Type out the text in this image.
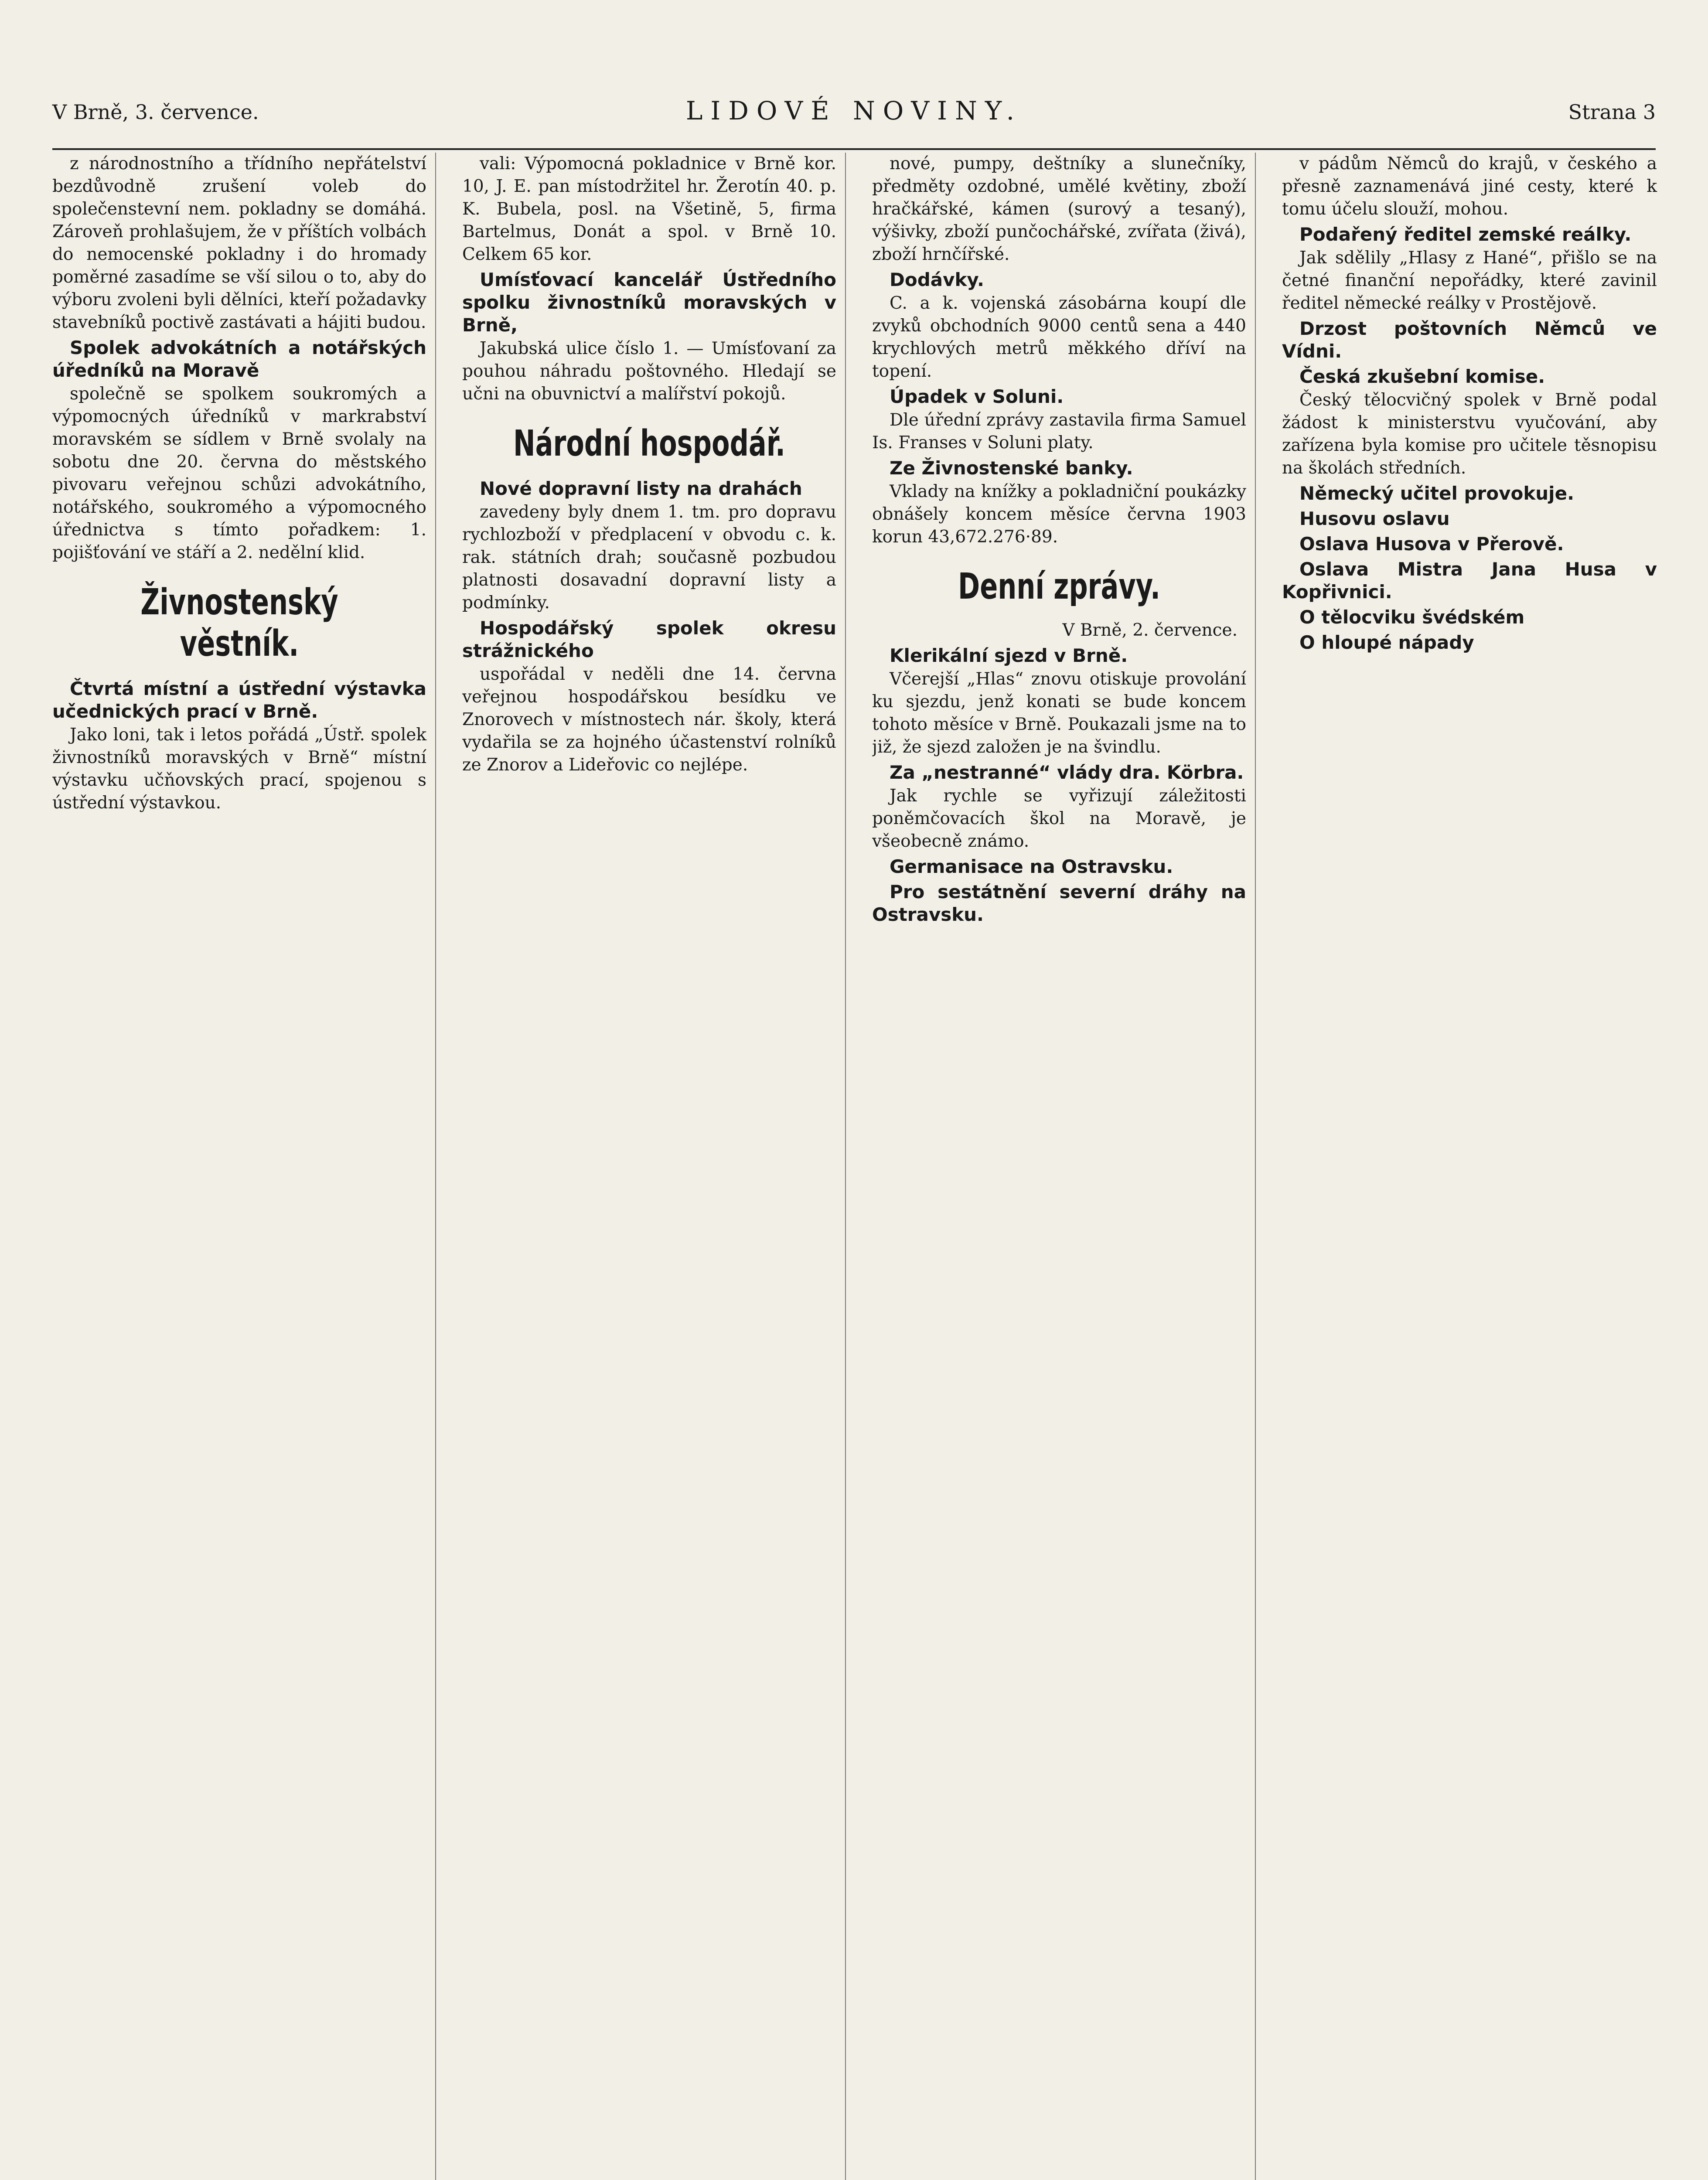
V Brně, 3. července.	LIDOVÉ NOVINY.	Strana 3

z národnostního a třídního nepřátelství bezdůvodně zrušení voleb do společenstevní nem. pokladny se domáhá. Zároveň prohlašujem, že v příštích volbách do nemocenské pokladny i do hromady poměrné zasadíme se vší silou o to, aby do výboru zvoleni byli dělníci, kteří požadavky stavebníků poctivě zastávati a hájiti budou.

Spolek advokátních a notářských úředníků na Moravě

společně se spolkem soukromých a výpomocných úředníků v markrabství moravském se sídlem v Brně svolaly na sobotu dne 20. června do městského pivovaru veřejnou schůzi advokátního, notářského, soukromého a výpomocného úřednictva s tímto pořadkem: 1. pojišťování ve stáří a 2. nedělní klid.

Živnostenský věstník.
Čtvrtá místní a ústřední výstavka učednických prací v Brně.

Jako loni, tak i letos pořádá „Ústř. spolek živnostníků moravských v Brně“ místní výstavku učňovských prací, spojenou s ústřední výstavkou.

vali: Výpomocná pokladnice v Brně kor. 10, J. E. pan místodržitel hr. Žerotín 40. p. K. Bubela, posl. na Všetině, 5, firma Bartelmus, Donát a spol. v Brně 10. Celkem 65 kor.

Umísťovací kancelář Ústředního spolku živnostníků moravských v Brně,

Jakubská ulice číslo 1. — Umísťovaní za pouhou náhradu poštovného. Hledají se učni na obuvnictví a malířství pokojů.

Národní hospodář.
Nové dopravní listy na drahách

zavedeny byly dnem 1. tm. pro dopravu rychlozboží v předplacení v obvodu c. k. rak. státních drah; současně pozbudou platnosti dosavadní dopravní listy a podmínky.

Hospodářský spolek okresu strážnického

uspořádal v neděli dne 14. června veřejnou hospodářskou besídku ve Znorovech v místnostech nár. školy, která vydařila se za hojného účastenství rolníků ze Znorov a Lideřovic co nejlépe.

nové, pumpy, deštníky a slunečníky, předměty ozdobné, umělé květiny, zboží hračkářské, kámen (surový a tesaný), výšivky, zboží punčochářské, zvířata (živá), zboží hrnčířské.

Dodávky.

C. a k. vojenská zásobárna koupí dle zvyků obchodních 9000 centů sena a 440 krychlových metrů měkkého dříví na topení.

Úpadek v Soluni.

Dle úřední zprávy zastavila firma Samuel Is. Franses v Soluni platy.

Ze Živnostenské banky.

Vklady na knížky a pokladniční poukázky obnášely koncem měsíce června 1903 korun 43,672.276·89.

Denní zprávy.
V Brně, 2. července.
Klerikální sjezd v Brně.

Včerejší „Hlas“ znovu otiskuje provolání ku sjezdu, jenž konati se bude koncem tohoto měsíce v Brně. Poukazali jsme na to již, že sjezd založen je na švindlu.

Za „nestranné“ vlády dra. Körbra.

Jak rychle se vyřizují záležitosti poněmčovacích škol na Moravě, je všeobecně známo.

Germanisace na Ostravsku.
Pro sestátnění severní dráhy na Ostravsku.

v pádům Němců do krajů, v českého a přesně zaznamenává jiné cesty, které k tomu účelu slouží, mohou.

Podařený ředitel zemské reálky.

Jak sdělily „Hlasy z Hané“, přišlo se na četné finanční nepořádky, které zavinil ředitel německé reálky v Prostějově.

Drzost poštovních Němců ve Vídni.
Česká zkušební komise.

Český tělocvičný spolek v Brně podal žádost k ministerstvu vyučování, aby zařízena byla komise pro učitele těsnopisu na školách středních.

Německý učitel provokuje.
Husovu oslavu
Oslava Husova v Přerově.
Oslava Mistra Jana Husa v Kopřivnici.
O tělocviku švédském
O hloupé nápady
